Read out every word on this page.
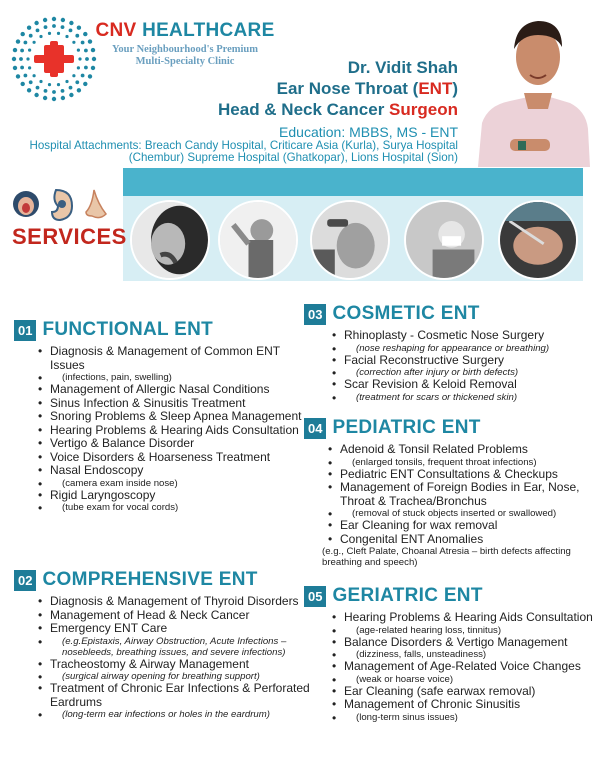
CNV HEALTHCARE
Your Neighbourhood's Premium
Multi-Specialty Clinic	Dr. Vidit Shah
Ear Nose Throat (ENT)
Head & Neck Cancer Surgeon
Education: MBBS, MS - ENT
Hospital Attachments: Breach Candy Hospital, Criticare Asia (Kurla), Surya Hospital
(Chembur) Supreme Hospital (Ghatkopar), Lions Hospital (Sion)
SERVICES
01 FUNCTIONAL ENT
• Diagnosis & Management of Common ENT Issues
• (infections, pain, swelling)
• Management of Allergic Nasal Conditions
• Sinus Infection & Sinusitis Treatment
• Snoring Problems & Sleep Apnea Management
• Hearing Problems & Hearing Aids Consultation
• Vertigo & Balance Disorder
• Voice Disorders & Hoarseness Treatment
• Nasal Endoscopy
• (camera exam inside nose)
• Rigid Laryngoscopy
• (tube exam for vocal cords)
02 COMPREHENSIVE ENT
• Diagnosis & Management of Thyroid Disorders
• Management of Head & Neck Cancer
• Emergency ENT Care
• (e.g.Epistaxis, Airway Obstruction, Acute Infections – nosebleeds, breathing issues, and severe infections)
• Tracheostomy & Airway Management
• (surgical airway opening for breathing support)
• Treatment of Chronic Ear Infections & Perforated Eardrums
• (long-term ear infections or holes in the eardrum)
03 COSMETIC ENT
• Rhinoplasty - Cosmetic Nose Surgery
• (nose reshaping for appearance or breathing)
• Facial Reconstructive Surgery
• (correction after injury or birth defects)
• Scar Revision & Keloid Removal
• (treatment for scars or thickened skin)
04 PEDIATRIC ENT
• Adenoid & Tonsil Related Problems
• (enlarged tonsils, frequent throat infections)
• Pediatric ENT Consultations & Checkups
• Management of Foreign Bodies in Ear, Nose, Throat & Trachea/Bronchus
• (removal of stuck objects inserted or swallowed)
• Ear Cleaning for wax removal
• Congenital ENT Anomalies
(e.g., Cleft Palate, Choanal Atresia – birth defects affecting breathing and speech)
05 GERIATRIC ENT
• Hearing Problems & Hearing Aids Consultation
• (age-related hearing loss, tinnitus)
• Balance Disorders & Vertigo Management
• (dizziness, falls, unsteadiness)
• Management of Age-Related Voice Changes
• (weak or hoarse voice)
• Ear Cleaning (safe earwax removal)
• Management of Chronic Sinusitis
• (long-term sinus issues)
